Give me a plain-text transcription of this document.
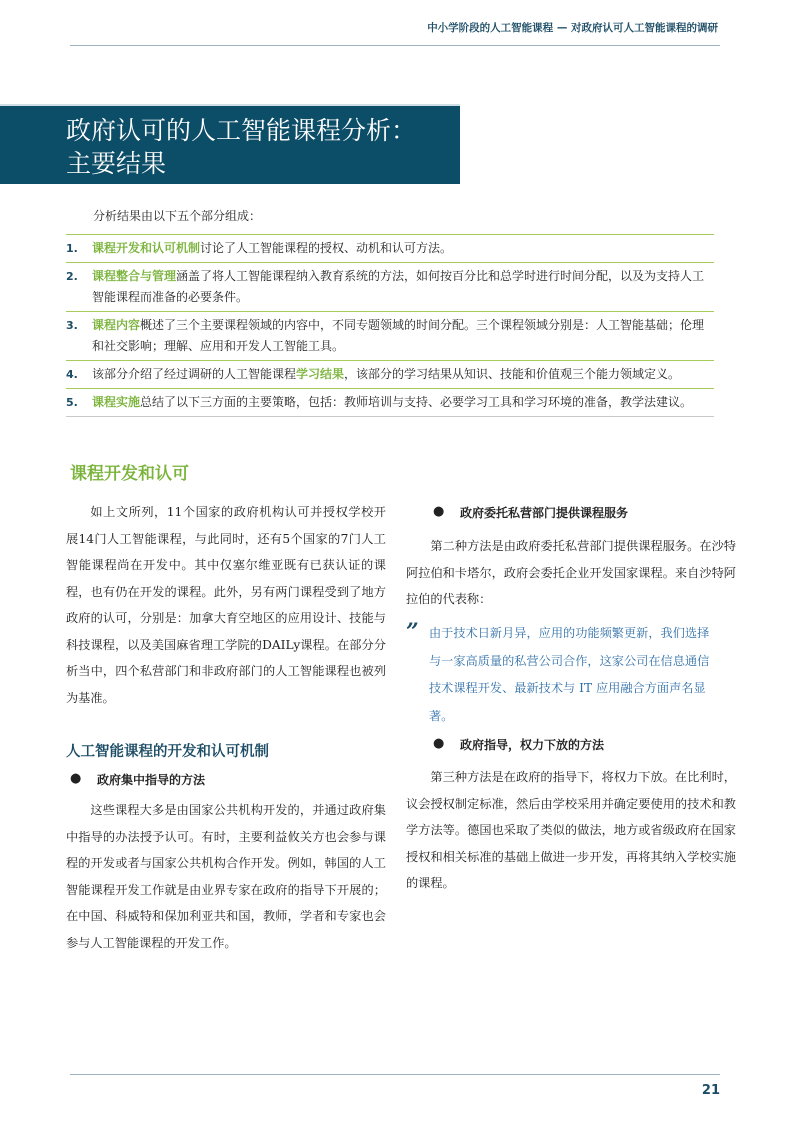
中小学阶段的人工智能课程 — 对政府认可人工智能课程的调研
政府认可的人工智能课程分析：
主要结果
分析结果由以下五个部分组成：
1. 课程开发和认可机制讨论了人工智能课程的授权、动机和认可方法。
2. 课程整合与管理涵盖了将人工智能课程纳入教育系统的方法，如何按百分比和总学时进行时间分配，以及为支持人工智能课程而准备的必要条件。
3. 课程内容概述了三个主要课程领域的内容中，不同专题领域的时间分配。三个课程领域分别是：人工智能基础；伦理和社交影响；理解、应用和开发人工智能工具。
4. 该部分介绍了经过调研的人工智能课程学习结果，该部分的学习结果从知识、技能和价值观三个能力领域定义。
5. 课程实施总结了以下三方面的主要策略，包括：教师培训与支持、必要学习工具和学习环境的准备，教学法建议。
课程开发和认可

如上文所列，11个国家的政府机构认可并授权学校开展14门人工智能课程，与此同时，还有5个国家的7门人工智能课程尚在开发中。其中仅塞尔维亚既有已获认证的课程，也有仍在开发的课程。此外，另有两门课程受到了地方政府的认可，分别是：加拿大育空地区的应用设计、技能与科技课程，以及美国麻省理工学院的DAILy课程。在部分分析当中，四个私营部门和非政府部门的人工智能课程也被列为基准。

人工智能课程的开发和认可机制
● 政府集中指导的方法

这些课程大多是由国家公共机构开发的，并通过政府集中指导的办法授予认可。有时，主要利益攸关方也会参与课程的开发或者与国家公共机构合作开发。例如，韩国的人工智能课程开发工作就是由业界专家在政府的指导下开展的；在中国、科威特和保加利亚共和国，教师，学者和专家也会参与人工智能课程的开发工作。

● 政府委托私营部门提供课程服务

第二种方法是由政府委托私营部门提供课程服务。在沙特阿拉伯和卡塔尔，政府会委托企业开发国家课程。来自沙特阿拉伯的代表称：

” 由于技术日新月异，应用的功能频繁更新，我们选择与一家高质量的私营公司合作，这家公司在信息通信技术课程开发、最新技术与 IT 应用融合方面声名显著。
● 政府指导，权力下放的方法

第三种方法是在政府的指导下，将权力下放。在比利时，议会授权制定标准，然后由学校采用并确定要使用的技术和教学方法等。德国也采取了类似的做法，地方或省级政府在国家授权和相关标准的基础上做进一步开发，再将其纳入学校实施的课程。

21
